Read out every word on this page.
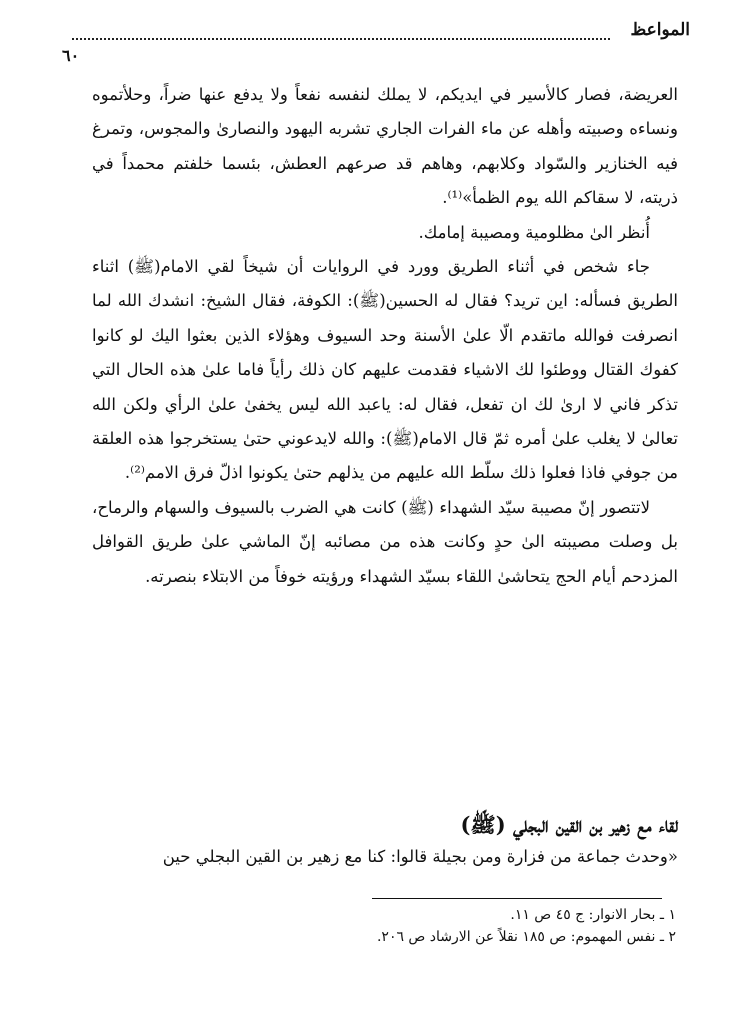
المواعظ
٦٠

العريضة، فصار كالأسير في ايديكم، لا يملك لنفسه نفعاً ولا يدفع عنها ضراً، وحلأتموه ونساءه وصبيته وأهله عن ماء الفرات الجاري تشربه اليهود والنصارىٰ والمجوس، وتمرغ فيه الخنازير والسّواد وكلابهم، وهاهم قد صرعهم العطش، بئسما خلفتم محمداً في ذريته، لا سقاكم الله يوم الظمأ»⁽¹⁾.

أُنظر الىٰ مظلومية ومصيبة إمامك.

جاء شخص في أثناء الطريق وورد في الروايات أن شيخاً لقي الامام(ﷺ) اثناء الطريق فسأله: اين تريد؟ فقال له الحسين(ﷺ): الكوفة، فقال الشيخ: انشدك الله لما انصرفت فوالله ماتقدم الّا علىٰ الأسنة وحد السيوف وهؤلاء الذين بعثوا اليك لو كانوا كفوك القتال ووطئوا لك الاشياء فقدمت عليهم كان ذلك رأياً فاما علىٰ هذه الحال التي تذكر فاني لا ارىٰ لك ان تفعل، فقال له: ياعبد الله ليس يخفىٰ علىٰ الرأي ولكن الله تعالىٰ لا يغلب علىٰ أمره ثمّ قال الامام(ﷺ): والله لايدعوني حتىٰ يستخرجوا هذه العلقة من جوفي فاذا فعلوا ذلك سلّط الله عليهم من يذلهم حتىٰ يكونوا اذلّ فرق الامم⁽²⁾.

لاتتصور إنّ مصيبة سيّد الشهداء (ﷺ) كانت هي الضرب بالسيوف والسهام والرماح، بل وصلت مصيبته الىٰ حدٍ وكانت هذه من مصائبه إنّ الماشي علىٰ طريق القوافل المزدحم أيام الحج يتحاشىٰ اللقاء بسيّد الشهداء ورؤيته خوفاً من الابتلاء بنصرته.

لقاء مع زهير بن القين البجلي (ﷺ)
«وحدث جماعة من فزارة ومن بجيلة قالوا: كنا مع زهير بن القين البجلي حين
١ ـ بحار الانوار: ج ٤٥ ص ١١.
٢ ـ نفس المهموم: ص ١٨٥ نقلاً عن الارشاد ص ٢٠٦.
